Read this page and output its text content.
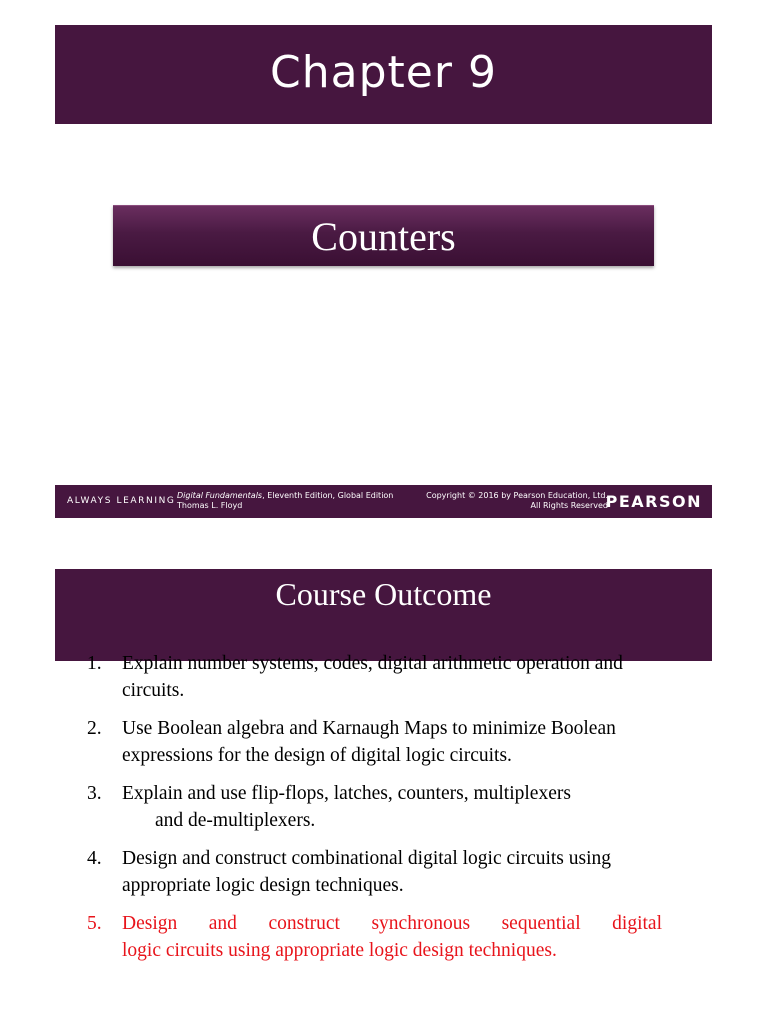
Chapter 9
Counters
ALWAYS LEARNING
Digital Fundamentals, Eleventh Edition, Global Edition
Thomas L. Floyd
Copyright © 2016 by Pearson Education, Ltd.
All Rights Reserved
PEARSON
Course Outcome
1. Explain number systems, codes, digital arithmetic operation and
circuits.
2. Use Boolean algebra and Karnaugh Maps to minimize Boolean
expressions for the design of digital logic circuits.
3. Explain and use flip-flops, latches, counters, multiplexers
and de-multiplexers.
4. Design and construct combinational digital logic circuits using
appropriate logic design techniques.
5. Design and construct synchronous sequential digital
logic circuits using appropriate logic design techniques.
